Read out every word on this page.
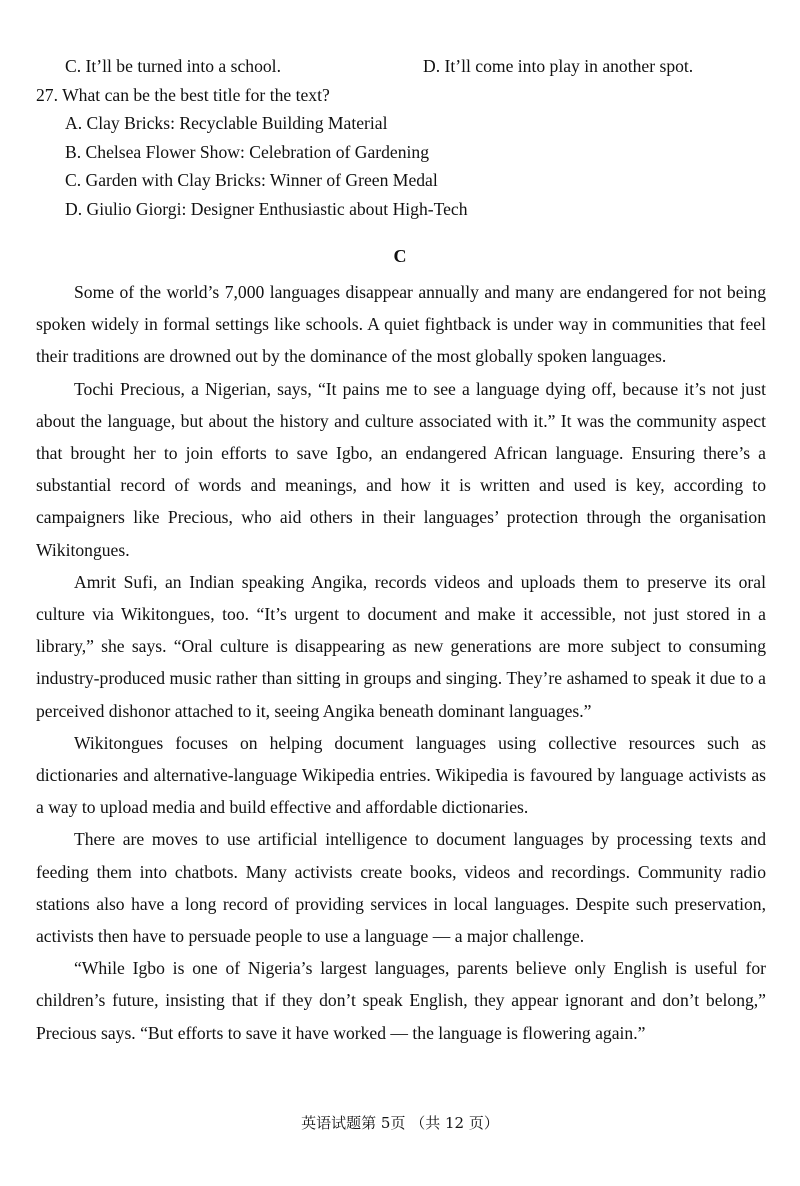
C. It’ll be turned into a school.	D. It’ll come into play in another spot.
27. What can be the best title for the text?
A. Clay Bricks: Recyclable Building Material
B. Chelsea Flower Show: Celebration of Gardening
C. Garden with Clay Bricks: Winner of Green Medal
D. Giulio Giorgi: Designer Enthusiastic about High-Tech
C

Some of the world’s 7,000 languages disappear annually and many are endangered for not being spoken widely in formal settings like schools. A quiet fightback is under way in communities that feel their traditions are drowned out by the dominance of the most globally spoken languages.

Tochi Precious, a Nigerian, says, “It pains me to see a language dying off, because it’s not just about the language, but about the history and culture associated with it.” It was the community aspect that brought her to join efforts to save Igbo, an endangered African language. Ensuring there’s a substantial record of words and meanings, and how it is written and used is key, according to campaigners like Precious, who aid others in their languages’ protection through the organisation Wikitongues.

Amrit Sufi, an Indian speaking Angika, records videos and uploads them to preserve its oral culture via Wikitongues, too. “It’s urgent to document and make it accessible, not just stored in a library,” she says. “Oral culture is disappearing as new generations are more subject to consuming industry-produced music rather than sitting in groups and singing. They’re ashamed to speak it due to a perceived dishonor attached to it, seeing Angika beneath dominant languages.”

Wikitongues focuses on helping document languages using collective resources such as dictionaries and alternative-language Wikipedia entries. Wikipedia is favoured by language activists as a way to upload media and build effective and affordable dictionaries.

There are moves to use artificial intelligence to document languages by processing texts and feeding them into chatbots. Many activists create books, videos and recordings. Community radio stations also have a long record of providing services in local languages. Despite such preservation, activists then have to persuade people to use a language — a major challenge.

“While Igbo is one of Nigeria’s largest languages, parents believe only English is useful for children’s future, insisting that if they don’t speak English, they appear ignorant and don’t belong,” Precious says. “But efforts to save it have worked — the language is flowering again.”

英语试题第 5页 （共 12 页）
